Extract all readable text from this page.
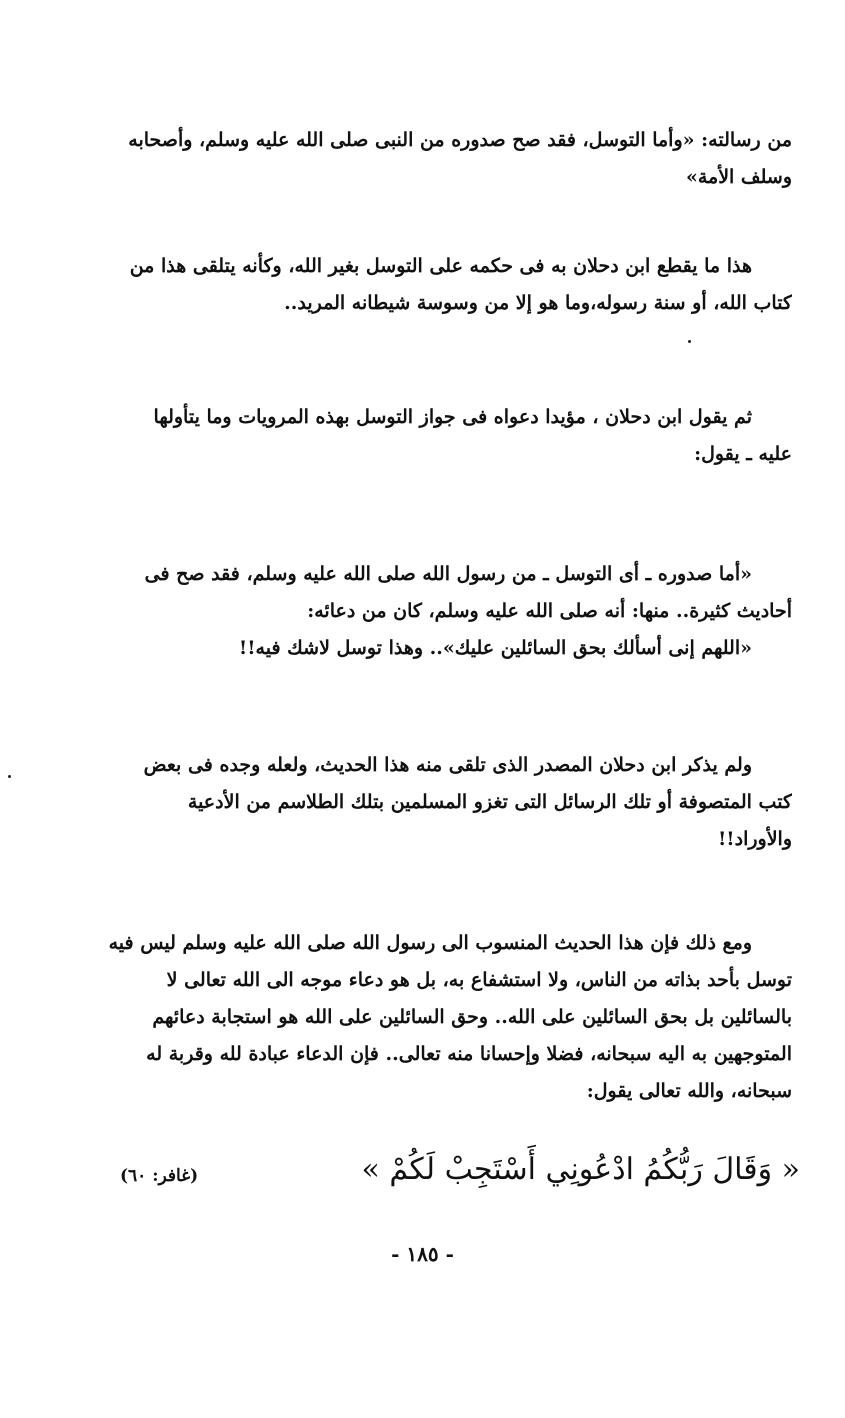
من رسالته: «وأما التوسل، فقد صح صدوره من النبى صلى الله عليه وسلم، وأصحابه
وسلف الأمة»
هذا ما يقطع ابن دحلان به فى حكمه على التوسل بغير الله، وكأنه يتلقى هذا من
كتاب الله، أو سنة رسوله،وما هو إلا من وسوسة شيطانه المريد..
ثم يقول ابن دحلان ، مؤيدا دعواه فى جواز التوسل بهذه المرويات وما يتأولها
عليه ـ يقول:
«أما صدوره ـ أى التوسل ـ من رسول الله صلى الله عليه وسلم، فقد صح فى
أحاديث كثيرة.. منها: أنه صلى الله عليه وسلم، كان من دعائه:
«اللهم إنى أسألك بحق السائلين عليك».. وهذا توسل لاشك فيه!!
ولم يذكر ابن دحلان المصدر الذى تلقى منه هذا الحديث، ولعله وجده فى بعض
كتب المتصوفة أو تلك الرسائل التى تغزو المسلمين بتلك الطلاسم من الأدعية
والأوراد!!
ومع ذلك فإن هذا الحديث المنسوب الى رسول الله صلى الله عليه وسلم ليس فيه
توسل بأحد بذاته من الناس، ولا استشفاع به، بل هو دعاء موجه الى الله تعالى لا
بالسائلين بل بحق السائلين على الله.. وحق السائلين على الله هو استجابة دعائهم
المتوجهين به اليه سبحانه، فضلا وإحسانا منه تعالى.. فإن الدعاء عبادة لله وقربة له
سبحانه، والله تعالى يقول:
« وَقَالَ رَبُّكُمُ ادْعُونِي أَسْتَجِبْ لَكُمْ »
(غافر: ٦٠)
- ١٨٥ -
